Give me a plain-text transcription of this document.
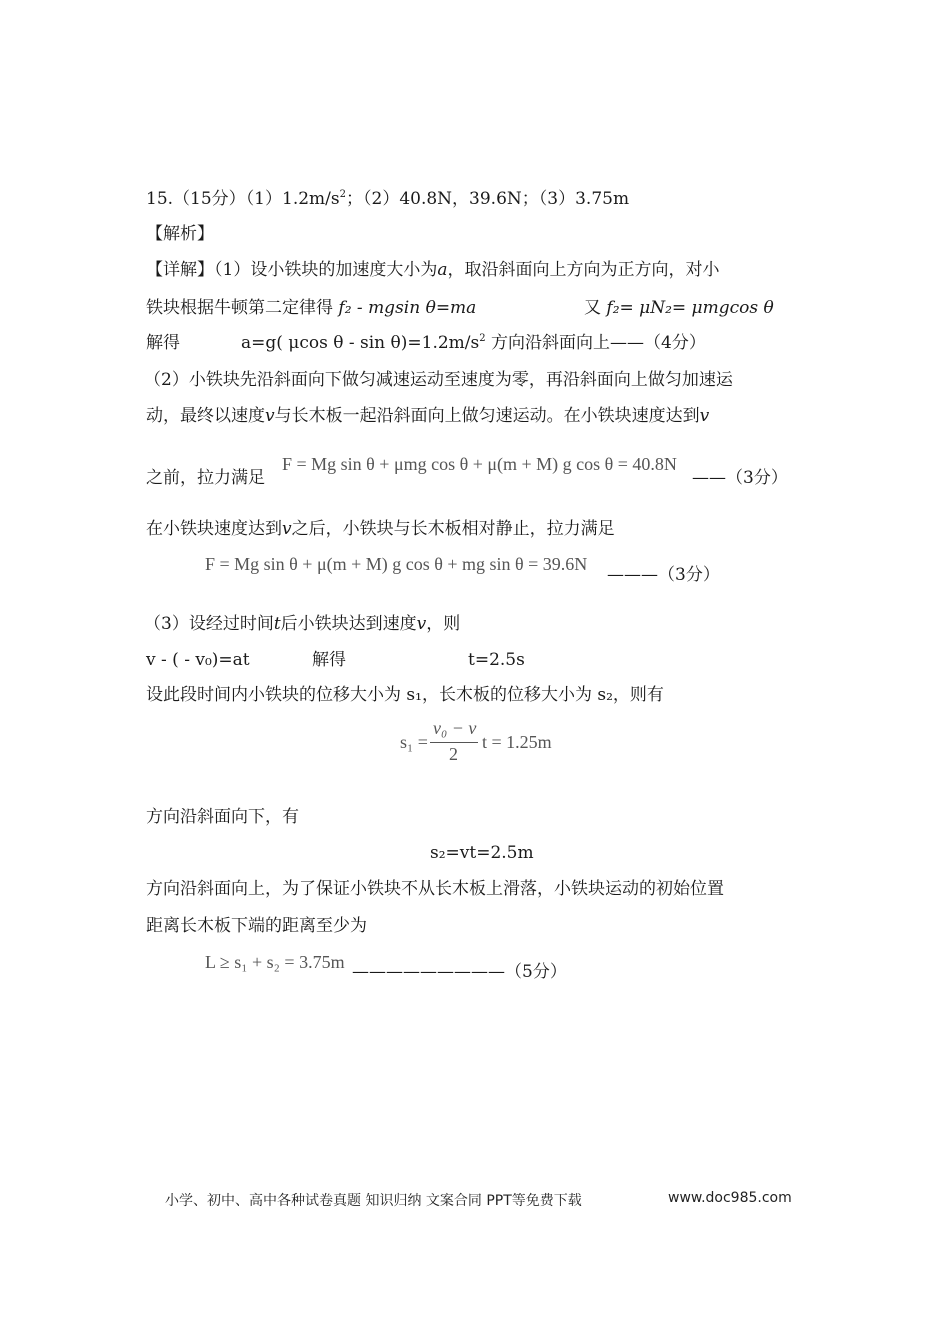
15.（15分）$(1)1.2m/s^2$；（2）40.8N，39.6N；（3）3.75m
【解析】
【详解】（1）设小铁块的加速度大小为a，取沿斜面向上方向为正方向，对小
铁块根据牛顿第二定律得 f₂ - mgsin θ=ma	又 f₂= μN₂= μmgcos θ
解得	a=g( μcos $\theta - \sin \theta)=1.2m/s^2$ 方向沿斜面向上——（4分）
（2）小铁块先沿斜面向下做匀减速运动至速度为零，再沿斜面向上做匀加速运
动，最终以速度v与长木板一起沿斜面向上做匀速运动。在小铁块速度达到v
之前，拉力满足
F = Mg sin θ + μmg cos θ + μ(m + M) g cos θ = 40.8N
——（3分）
在小铁块速度达到v之后，小铁块与长木板相对静止，拉力满足
F = Mg sin θ + μ(m + M) g cos θ + mg sin θ = 39.6N
———（3分）
（3）设经过时间t后小铁块达到速度v，则
v - ( - v₀)=at	解得	t=2.5s
设此段时间内小铁块的位移大小为 s₁，长木板的位移大小为 s₂，则有
s₁ =
v₀ − v
2
t = 1.25m
方向沿斜面向下，有
s₂=vt=2.5m
方向沿斜面向上，为了保证小铁块不从长木板上滑落，小铁块运动的初始位置
距离长木板下端的距离至少为
L ≥ s₁ + s₂ = 3.75m —————————（5分）
小学、初中、高中各种试卷真题 知识归纳 文案合同 PPT等免费下载	www.doc985.com
